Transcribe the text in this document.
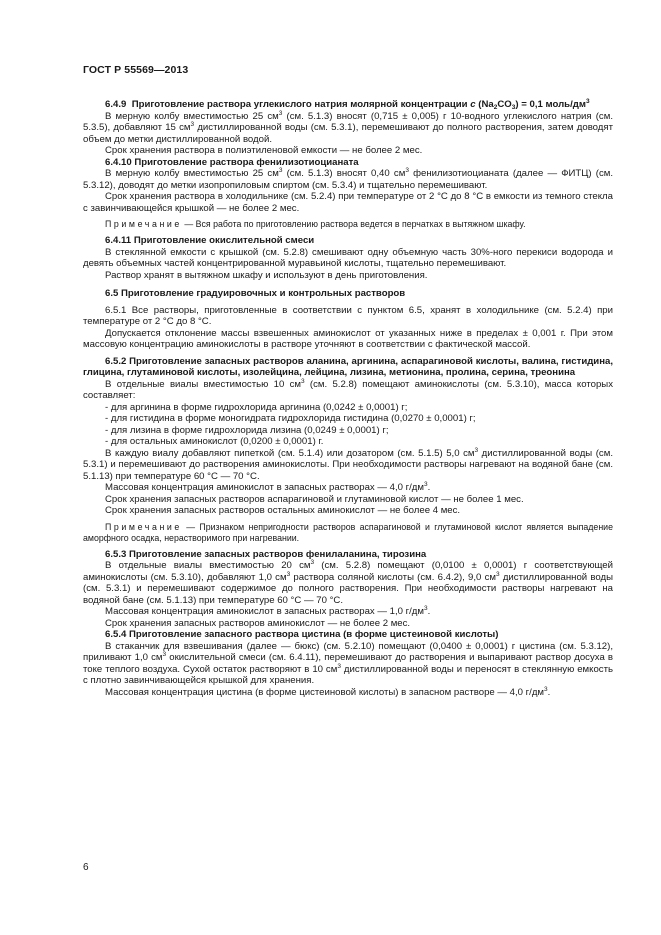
ГОСТ Р 55569—2013

6.4.9 Приготовление раствора углекислого натрия молярной концентрации c $(Na_2CO_3) = 0,1$ моль/$дм^3$

В мерную колбу вместимостью 25 $см^3$ (см. 5.1.3) вносят (0,715 ± 0,005) г 10-водного углекислого натрия (см. 5.3.5), добавляют 15 $см^3$ дистиллированной воды (см. 5.3.1), перемешивают до полного растворения, затем доводят объем до метки дистиллированной водой.

Срок хранения раствора в полиэтиленовой емкости — не более 2 мес.

6.4.10 Приготовление раствора фенилизотиоцианата

В мерную колбу вместимостью 25 $см^3$ (см. 5.1.3) вносят 0,40 $см^3$ фенилизотиоцианата (далее — ФИТЦ) (см. 5.3.12), доводят до метки изопропиловым спиртом (см. 5.3.4) и тщательно перемешивают.

Срок хранения раствора в холодильнике (см. 5.2.4) при температуре от 2 °С до 8 °С в емкости из темного стекла с завинчивающейся крышкой — не более 2 мес.

Примечание — Вся работа по приготовлению раствора ведется в перчатках в вытяжном шкафу.

6.4.11 Приготовление окислительной смеси

В стеклянной емкости с крышкой (см. 5.2.8) смешивают одну объемную часть 30%-ного перекиси водорода и девять объемных частей концентрированной муравьиной кислоты, тщательно перемешивают.

Раствор хранят в вытяжном шкафу и используют в день приготовления.

6.5 Приготовление градуировочных и контрольных растворов

6.5.1 Все растворы, приготовленные в соответствии с пунктом 6.5, хранят в холодильнике (см. 5.2.4) при температуре от 2 °С до 8 °С.

Допускается отклонение массы взвешенных аминокислот от указанных ниже в пределах ± 0,001 г. При этом массовую концентрацию аминокислоты в растворе уточняют в соответствии с фактической массой.

6.5.2 Приготовление запасных растворов аланина, аргинина, аспарагиновой кислоты, валина, гистидина, глицина, глутаминовой кислоты, изолейцина, лейцина, лизина, метионина, пролина, серина, треонина

В отдельные виалы вместимостью 10 $см^3$ (см. 5.2.8) помещают аминокислоты (см. 5.3.10), масса которых составляет:

- для аргинина в форме гидрохлорида аргинина (0,0242 ± 0,0001) г;

- для гистидина в форме моногидрата гидрохлорида гистидина (0,0270 ± 0,0001) г;

- для лизина в форме гидрохлорида лизина (0,0249 ± 0,0001) г;

- для остальных аминокислот (0,0200 ± 0,0001) г.

В каждую виалу добавляют пипеткой (см. 5.1.4) или дозатором (см. 5.1.5) 5,0 $см^3$ дистиллированной воды (см. 5.3.1) и перемешивают до растворения аминокислоты. При необходимости растворы нагревают на водяной бане (см. 5.1.13) при температуре 60 °С — 70 °С.

Массовая концентрация аминокислот в запасных растворах — 4,0 $г/дм^3$.

Срок хранения запасных растворов аспарагиновой и глутаминовой кислот — не более 1 мес.

Срок хранения запасных растворов остальных аминокислот — не более 4 мес.

Примечание — Признаком непригодности растворов аспарагиновой и глутаминовой кислот является выпадение аморфного осадка, нерастворимого при нагревании.

6.5.3 Приготовление запасных растворов фенилаланина, тирозина

В отдельные виалы вместимостью 20 $см^3$ (см. 5.2.8) помещают (0,0100 ± 0,0001) г соответствующей аминокислоты (см. 5.3.10), добавляют 1,0 $см^3$ раствора соляной кислоты (см. 6.4.2), 9,0 $см^3$ дистиллированной воды (см. 5.3.1) и перемешивают содержимое до полного растворения. При необходимости растворы нагревают на водяной бане (см. 5.1.13) при температуре 60 °С — 70 °С.

Массовая концентрация аминокислот в запасных растворах — 1,0 $г/дм^3$.

Срок хранения запасных растворов аминокислот — не более 2 мес.

6.5.4 Приготовление запасного раствора цистина (в форме цистеиновой кислоты)

В стаканчик для взвешивания (далее — бюкс) (см. 5.2.10) помещают (0,0400 ± 0,0001) г цистина (см. 5.3.12), приливают 1,0 $см^3$ окислительной смеси (см. 6.4.11), перемешивают до растворения и выпаривают раствор досуха в токе теплого воздуха. Сухой остаток растворяют в 10 $см^3$ дистиллированной воды и переносят в стеклянную емкость с плотно завинчивающейся крышкой для хранения.

Массовая концентрация цистина (в форме цистеиновой кислоты) в запасном растворе — 4,0 $г/дм^3$.

6
